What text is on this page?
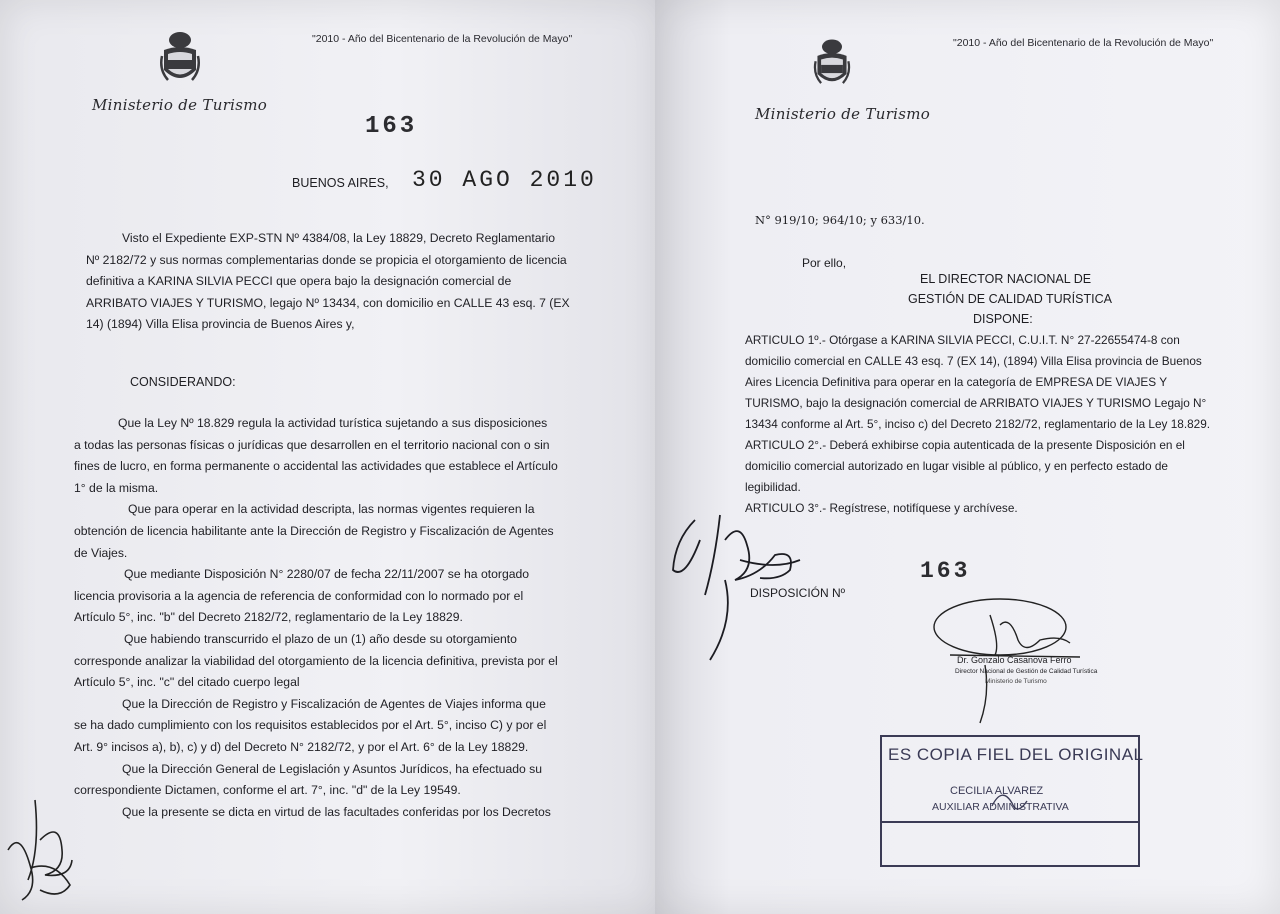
"2010 - Año del Bicentenario de la Revolución de Mayo"
Ministerio de Turismo
163
BUENOS AIRES, 30 AGO 2010
Visto el Expediente EXP-STN Nº 4384/08, la Ley 18829, Decreto Reglamentario
Nº 2182/72 y sus normas complementarias donde se propicia el otorgamiento de licencia
definitiva a KARINA SILVIA PECCI que opera bajo la designación comercial de
ARRIBATO VIAJES Y TURISMO, legajo Nº 13434, con domicilio en CALLE 43 esq. 7 (EX
14) (1894) Villa Elisa provincia de Buenos Aires y,
CONSIDERANDO:
Que la Ley Nº 18.829 regula la actividad turística sujetando a sus disposiciones
a todas las personas físicas o jurídicas que desarrollen en el territorio nacional con o sin
fines de lucro, en forma permanente o accidental las actividades que establece el Artículo
1° de la misma.
Que para operar en la actividad descripta, las normas vigentes requieren la
obtención de licencia habilitante ante la Dirección de Registro y Fiscalización de Agentes
de Viajes.
Que mediante Disposición N° 2280/07 de fecha 22/11/2007 se ha otorgado
licencia provisoria a la agencia de referencia de conformidad con lo normado por el
Artículo 5°, inc. "b" del Decreto 2182/72, reglamentario de la Ley 18829.
Que habiendo transcurrido el plazo de un (1) año desde su otorgamiento
corresponde analizar la viabilidad del otorgamiento de la licencia definitiva, prevista por el
Artículo 5°, inc. "c" del citado cuerpo legal
Que la Dirección de Registro y Fiscalización de Agentes de Viajes informa que
se ha dado cumplimiento con los requisitos establecidos por el Art. 5°, inciso C) y por el
Art. 9° incisos a), b), c) y d) del Decreto N° 2182/72, y por el Art. 6° de la Ley 18829.
Que la Dirección General de Legislación y Asuntos Jurídicos, ha efectuado su
correspondiente Dictamen, conforme el art. 7°, inc. "d" de la Ley 19549.
Que la presente se dicta en virtud de las facultades conferidas por los Decretos
"2010 - Año del Bicentenario de la Revolución de Mayo"
Ministerio de Turismo
N° 919/10; 964/10; y 633/10.
Por ello,
EL DIRECTOR NACIONAL DE
GESTIÓN DE CALIDAD TURÍSTICA
DISPONE:
ARTICULO 1º.- Otórgase a KARINA SILVIA PECCI, C.U.I.T. N° 27-22655474-8 con
domicilio comercial en CALLE 43 esq. 7 (EX 14), (1894) Villa Elisa provincia de Buenos
Aires Licencia Definitiva para operar en la categoría de EMPRESA DE VIAJES Y
TURISMO, bajo la designación comercial de ARRIBATO VIAJES Y TURISMO Legajo N°
13434 conforme al Art. 5°, inciso c) del Decreto 2182/72, reglamentario de la Ley 18.829.
ARTICULO 2°.- Deberá exhibirse copia autenticada de la presente Disposición en el
domicilio comercial autorizado en lugar visible al público, y en perfecto estado de
legibilidad.
ARTICULO 3°.- Regístrese, notifíquese y archívese.
DISPOSICIÓN Nº
163
Dr. Gonzalo Casanova Ferro
Director Nacional de Gestión de Calidad Turística
Ministerio de Turismo
ES COPIA FIEL DEL ORIGINAL
CECILIA ALVAREZ
AUXILIAR ADMINISTRATIVA
